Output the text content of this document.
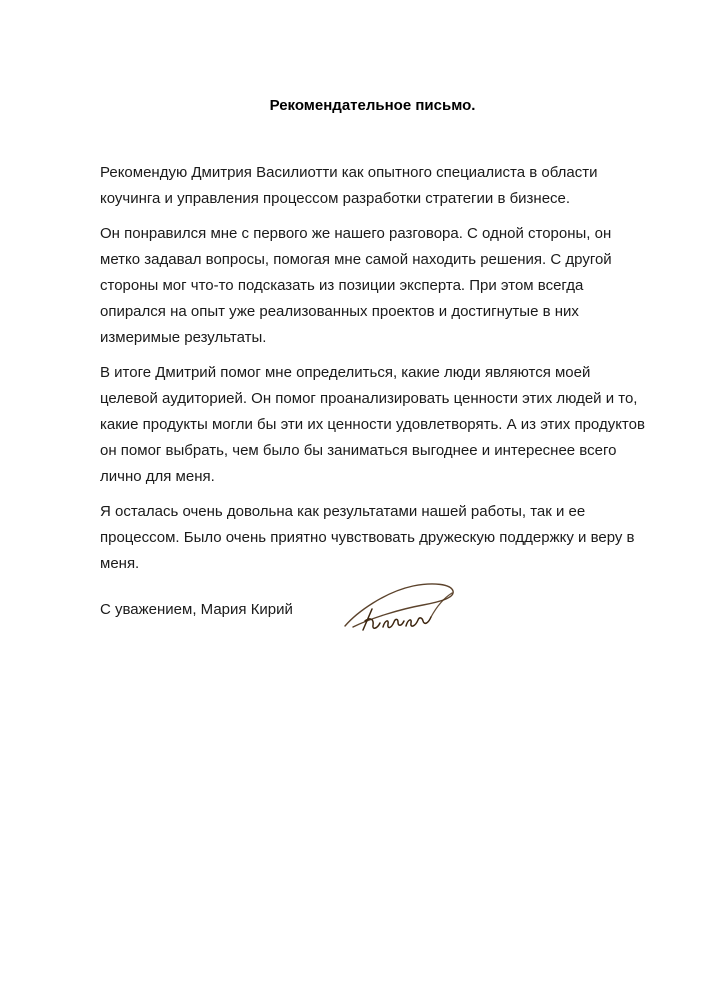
Рекомендательное письмо.

Рекомендую Дмитрия Василиотти как опытного специалиста в области коучинга и управления процессом разработки стратегии в бизнесе.

Он понравился мне с первого же нашего разговора. С одной стороны, он метко задавал вопросы, помогая мне самой находить решения. С другой стороны мог что-то подсказать из позиции эксперта. При этом всегда опирался на опыт уже реализованных проектов и достигнутые в них измеримые результаты.

В итоге Дмитрий помог мне определиться, какие люди являются моей целевой аудиторией. Он помог проанализировать ценности этих людей и то, какие продукты могли бы эти их ценности удовлетворять. А из этих продуктов он помог выбрать, чем было бы заниматься выгоднее и интереснее всего лично для меня.

Я осталась очень довольна как результатами нашей работы, так и ее процессом. Было очень приятно чувствовать дружескую поддержку и веру в меня.

С уважением, Мария Кирий
